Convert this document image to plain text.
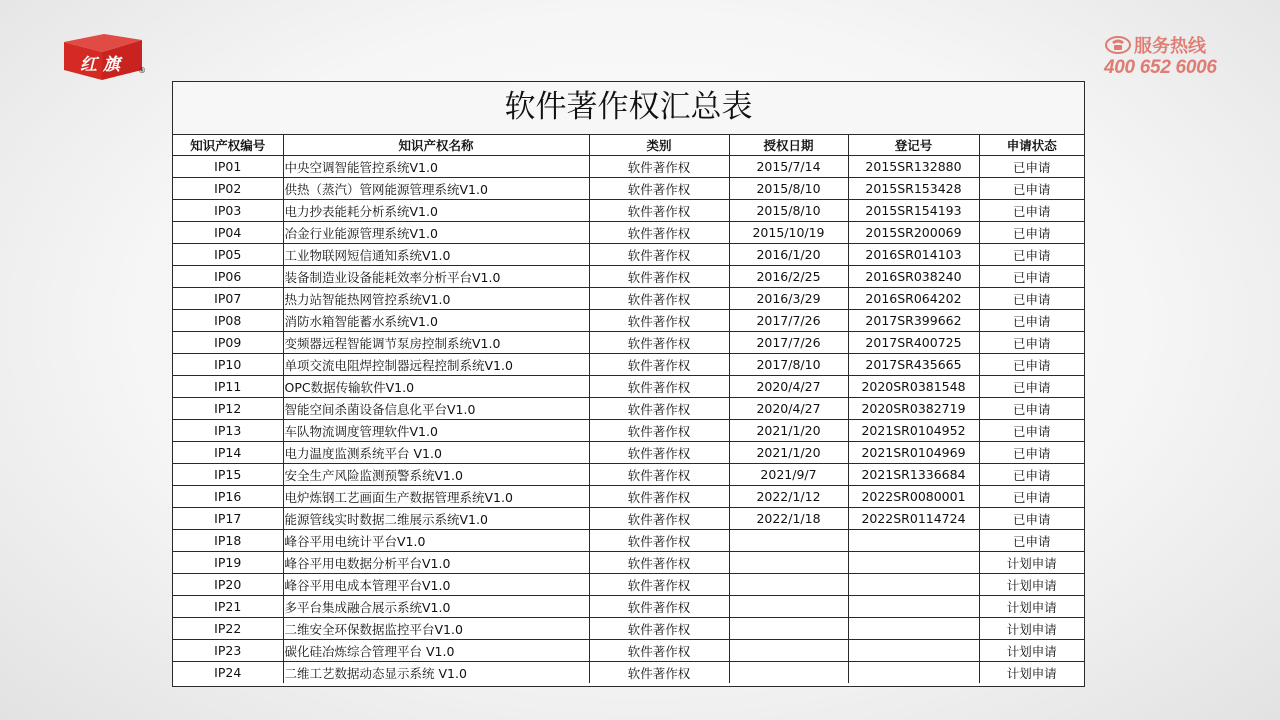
红旗 ®
服务热线
400 652 6006
软件著作权汇总表
知识产权编号	知识产权名称	类别	授权日期	登记号	申请状态
IP01	中央空调智能管控系统V1.0	软件著作权	2015/7/14	2015SR132880	已申请
IP02	供热（蒸汽）管网能源管理系统V1.0	软件著作权	2015/8/10	2015SR153428	已申请
IP03	电力抄表能耗分析系统V1.0	软件著作权	2015/8/10	2015SR154193	已申请
IP04	冶金行业能源管理系统V1.0	软件著作权	2015/10/19	2015SR200069	已申请
IP05	工业物联网短信通知系统V1.0	软件著作权	2016/1/20	2016SR014103	已申请
IP06	装备制造业设备能耗效率分析平台V1.0	软件著作权	2016/2/25	2016SR038240	已申请
IP07	热力站智能热网管控系统V1.0	软件著作权	2016/3/29	2016SR064202	已申请
IP08	消防水箱智能蓄水系统V1.0	软件著作权	2017/7/26	2017SR399662	已申请
IP09	变频器远程智能调节泵房控制系统V1.0	软件著作权	2017/7/26	2017SR400725	已申请
IP10	单项交流电阻焊控制器远程控制系统V1.0	软件著作权	2017/8/10	2017SR435665	已申请
IP11	OPC数据传输软件V1.0	软件著作权	2020/4/27	2020SR0381548	已申请
IP12	智能空间杀菌设备信息化平台V1.0	软件著作权	2020/4/27	2020SR0382719	已申请
IP13	车队物流调度管理软件V1.0	软件著作权	2021/1/20	2021SR0104952	已申请
IP14	电力温度监测系统平台 V1.0	软件著作权	2021/1/20	2021SR0104969	已申请
IP15	安全生产风险监测预警系统V1.0	软件著作权	2021/9/7	2021SR1336684	已申请
IP16	电炉炼钢工艺画面生产数据管理系统V1.0	软件著作权	2022/1/12	2022SR0080001	已申请
IP17	能源管线实时数据二维展示系统V1.0	软件著作权	2022/1/18	2022SR0114724	已申请
IP18	峰谷平用电统计平台V1.0	软件著作权			已申请
IP19	峰谷平用电数据分析平台V1.0	软件著作权			计划申请
IP20	峰谷平用电成本管理平台V1.0	软件著作权			计划申请
IP21	多平台集成融合展示系统V1.0	软件著作权			计划申请
IP22	二维安全环保数据监控平台V1.0	软件著作权			计划申请
IP23	碳化硅冶炼综合管理平台 V1.0	软件著作权			计划申请
IP24	二维工艺数据动态显示系统 V1.0	软件著作权			计划申请
